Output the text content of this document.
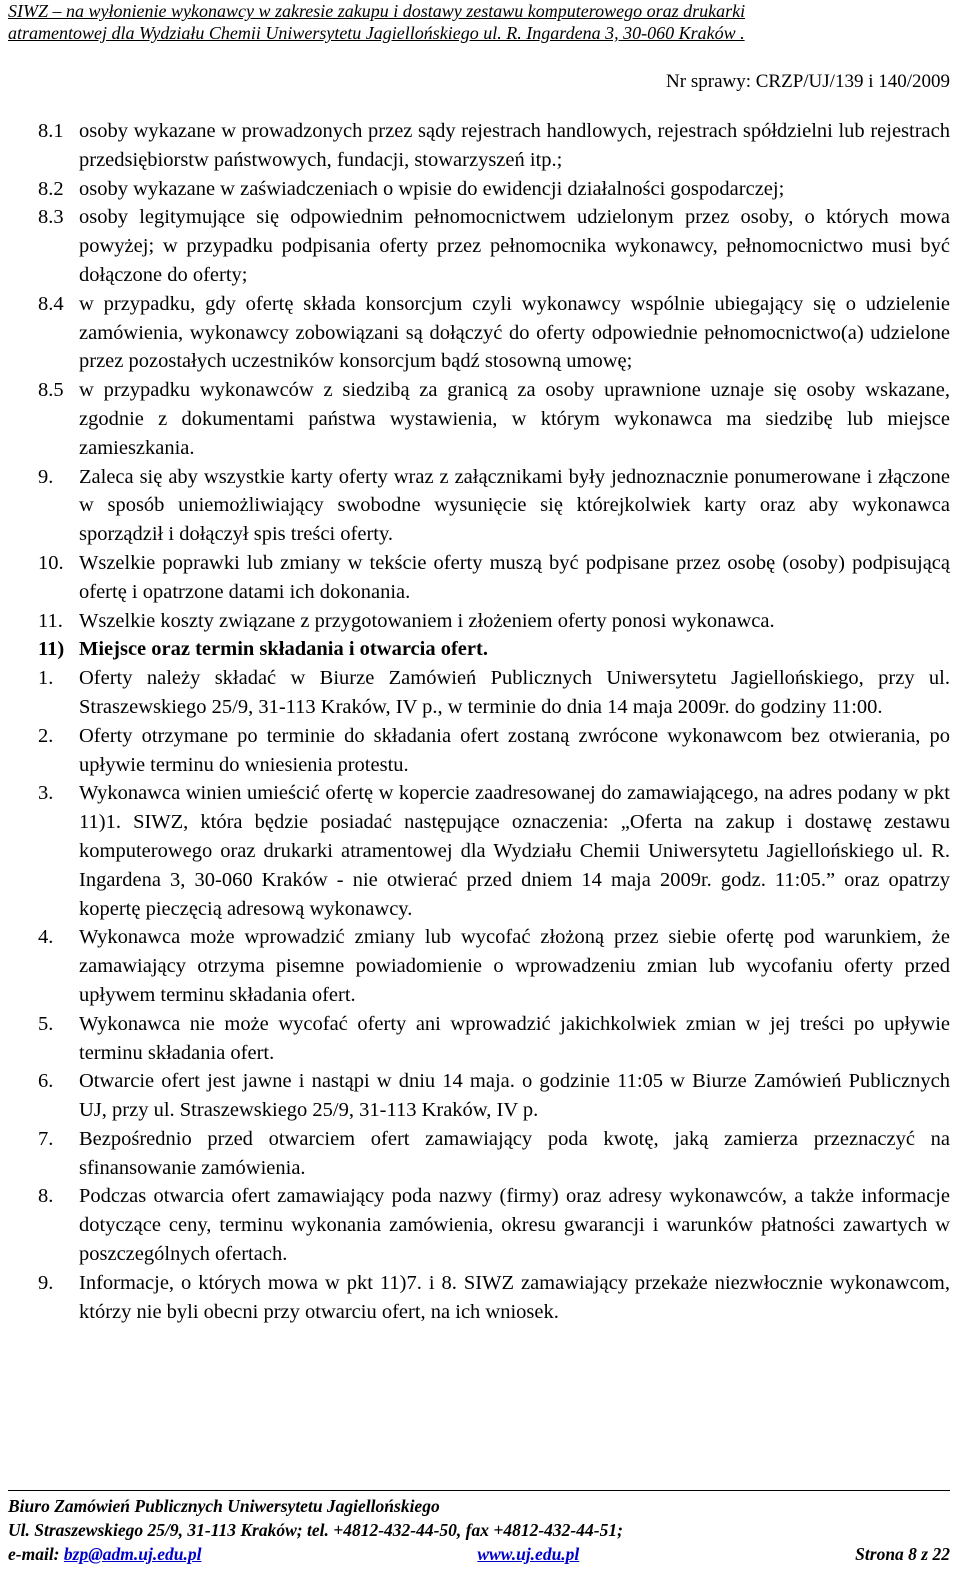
SIWZ – na wyłonienie wykonawcy w zakresie zakupu i dostawy zestawu komputerowego oraz drukarki
atramentowej dla Wydziału Chemii Uniwersytetu Jagiellońskiego ul. R. Ingardena 3, 30-060 Kraków .
Nr sprawy: CRZP/UJ/139 i 140/2009
8.1 osoby wykazane w prowadzonych przez sądy rejestrach handlowych, rejestrach spółdzielni lub rejestrach przedsiębiorstw państwowych, fundacji, stowarzyszeń itp.;
8.2 osoby wykazane w zaświadczeniach o wpisie do ewidencji działalności gospodarczej;
8.3 osoby legitymujące się odpowiednim pełnomocnictwem udzielonym przez osoby, o których mowa powyżej; w przypadku podpisania oferty przez pełnomocnika wykonawcy, pełnomocnictwo musi być dołączone do oferty;
8.4 w przypadku, gdy ofertę składa konsorcjum czyli wykonawcy wspólnie ubiegający się o udzielenie zamówienia, wykonawcy zobowiązani są dołączyć do oferty odpowiednie pełnomocnictwo(a) udzielone przez pozostałych uczestników konsorcjum bądź stosowną umowę;
8.5 w przypadku wykonawców z siedzibą za granicą za osoby uprawnione uznaje się osoby wskazane, zgodnie z dokumentami państwa wystawienia, w którym wykonawca ma siedzibę lub miejsce zamieszkania.
9.	Zaleca się aby wszystkie karty oferty wraz z załącznikami były jednoznacznie ponumerowane i złączone w sposób uniemożliwiający swobodne wysunięcie się którejkolwiek karty oraz aby wykonawca sporządził i dołączył spis treści oferty.
10. Wszelkie poprawki lub zmiany w tekście oferty muszą być podpisane przez osobę (osoby) podpisującą ofertę i opatrzone datami ich dokonania.
11. Wszelkie koszty związane z przygotowaniem i złożeniem oferty ponosi wykonawca.
11) Miejsce oraz termin składania i otwarcia ofert.
1.	Oferty należy składać w Biurze Zamówień Publicznych Uniwersytetu Jagiellońskiego, przy ul. Straszewskiego 25/9, 31-113 Kraków, IV p., w terminie do dnia 14 maja 2009r. do godziny 11:00.
2.	Oferty otrzymane po terminie do składania ofert zostaną zwrócone wykonawcom bez otwierania, po upływie terminu do wniesienia protestu.
3.	Wykonawca winien umieścić ofertę w kopercie zaadresowanej do zamawiającego, na adres podany w pkt 11)1. SIWZ, która będzie posiadać następujące oznaczenia: „Oferta na zakup i dostawę zestawu komputerowego oraz drukarki atramentowej dla Wydziału Chemii Uniwersytetu Jagiellońskiego ul. R. Ingardena 3, 30-060 Kraków - nie otwierać przed dniem 14 maja 2009r. godz. 11:05.” oraz opatrzy kopertę pieczęcią adresową wykonawcy.
4.	Wykonawca może wprowadzić zmiany lub wycofać złożoną przez siebie ofertę pod warunkiem, że zamawiający otrzyma pisemne powiadomienie o wprowadzeniu zmian lub wycofaniu oferty przed upływem terminu składania ofert.
5.	Wykonawca nie może wycofać oferty ani wprowadzić jakichkolwiek zmian w jej treści po upływie terminu składania ofert.
6.	Otwarcie ofert jest jawne i nastąpi w dniu 14 maja. o godzinie 11:05 w Biurze Zamówień Publicznych UJ, przy ul. Straszewskiego 25/9, 31-113 Kraków, IV p.
7.	Bezpośrednio przed otwarciem ofert zamawiający poda kwotę, jaką zamierza przeznaczyć na sfinansowanie zamówienia.
8.	Podczas otwarcia ofert zamawiający poda nazwy (firmy) oraz adresy wykonawców, a także informacje dotyczące ceny, terminu wykonania zamówienia, okresu gwarancji i warunków płatności zawartych w poszczególnych ofertach.
9.	Informacje, o których mowa w pkt 11)7. i 8. SIWZ zamawiający przekaże niezwłocznie wykonawcom, którzy nie byli obecni przy otwarciu ofert, na ich wniosek.
Biuro Zamówień Publicznych Uniwersytetu Jagiellońskiego
Ul. Straszewskiego 25/9, 31-113 Kraków; tel. +4812-432-44-50, fax +4812-432-44-51;
e-mail: bzp@adm.uj.edu.pl	www.uj.edu.pl	Strona 8 z 22
